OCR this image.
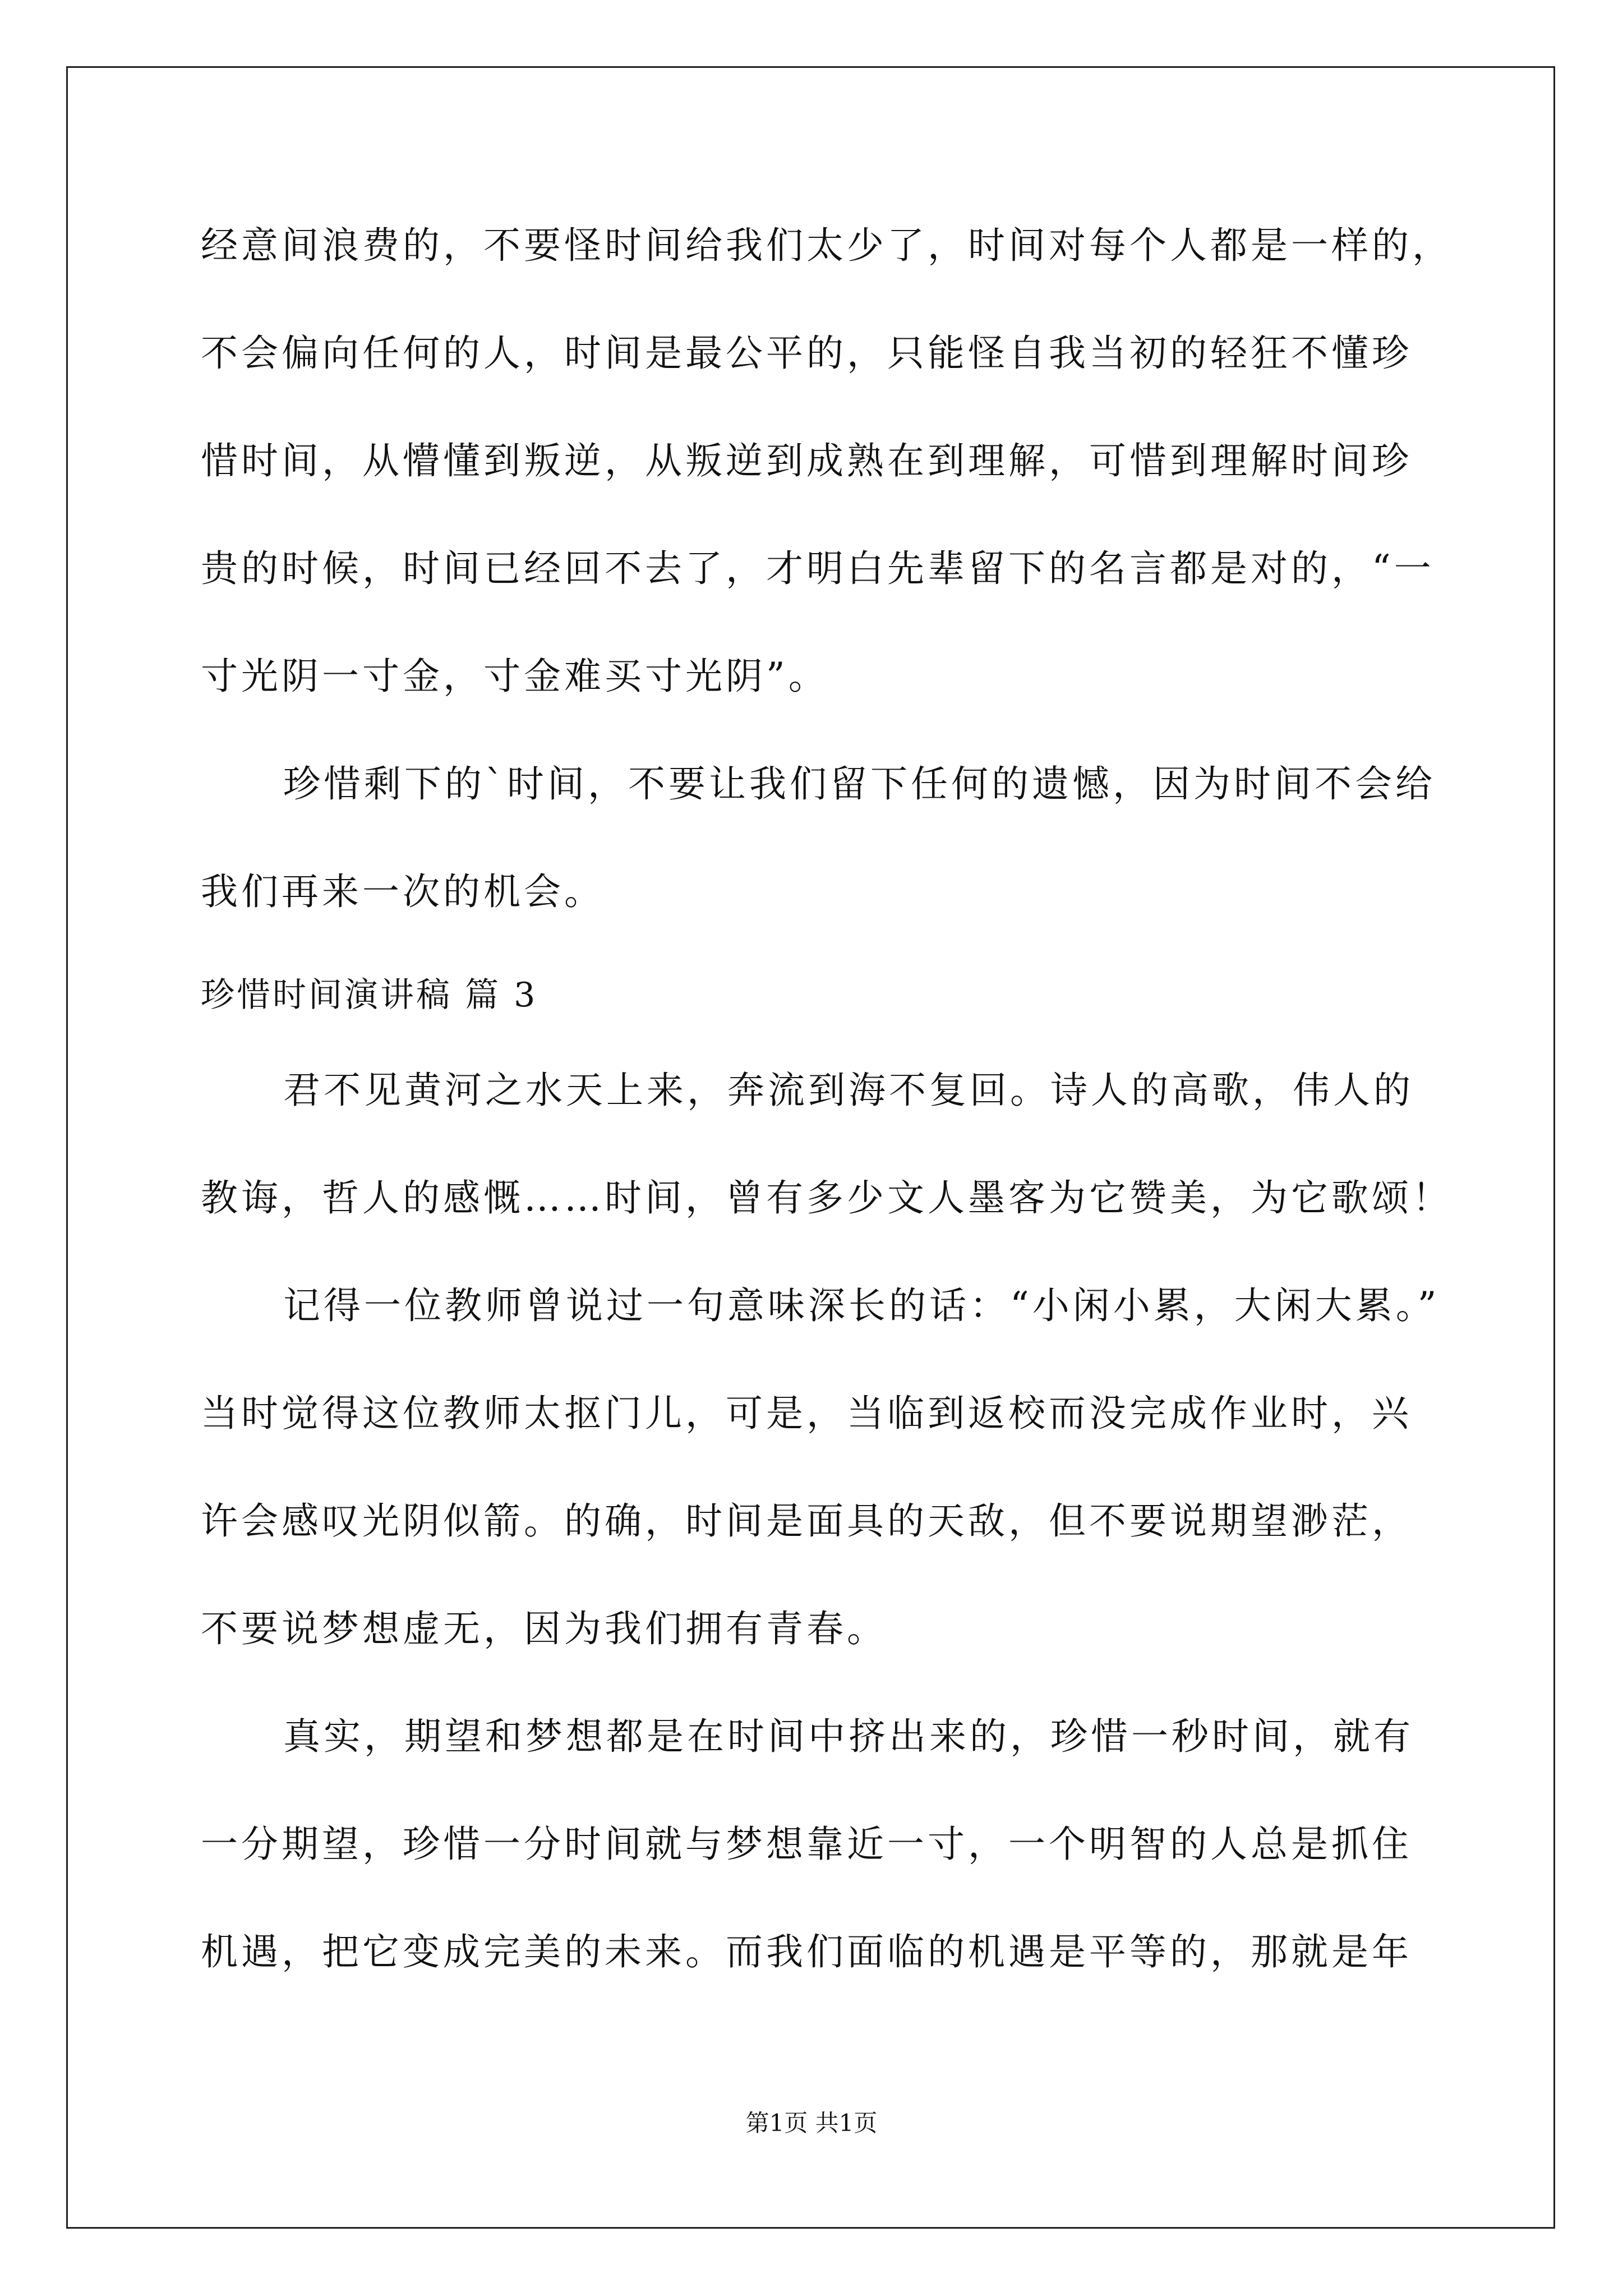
经意间浪费的，不要怪时间给我们太少了，时间对每个人都是一样的，
不会偏向任何的人，时间是最公平的，只能怪自我当初的轻狂不懂珍
惜时间，从懵懂到叛逆，从叛逆到成熟在到理解，可惜到理解时间珍
贵的时候，时间已经回不去了，才明白先辈留下的名言都是对的，“一
寸光阴一寸金，寸金难买寸光阴”。
珍惜剩下的`时间，不要让我们留下任何的遗憾，因为时间不会给
我们再来一次的机会。
珍惜时间演讲稿 篇 3
君不见黄河之水天上来，奔流到海不复回。诗人的高歌，伟人的
教诲，哲人的感慨……时间，曾有多少文人墨客为它赞美，为它歌颂！
记得一位教师曾说过一句意味深长的话：“小闲小累，大闲大累。”
当时觉得这位教师太抠门儿，可是，当临到返校而没完成作业时，兴
许会感叹光阴似箭。的确，时间是面具的天敌，但不要说期望渺茫，
不要说梦想虚无，因为我们拥有青春。
真实，期望和梦想都是在时间中挤出来的，珍惜一秒时间，就有
一分期望，珍惜一分时间就与梦想靠近一寸，一个明智的人总是抓住
机遇，把它变成完美的未来。而我们面临的机遇是平等的，那就是年
第1页 共1页
